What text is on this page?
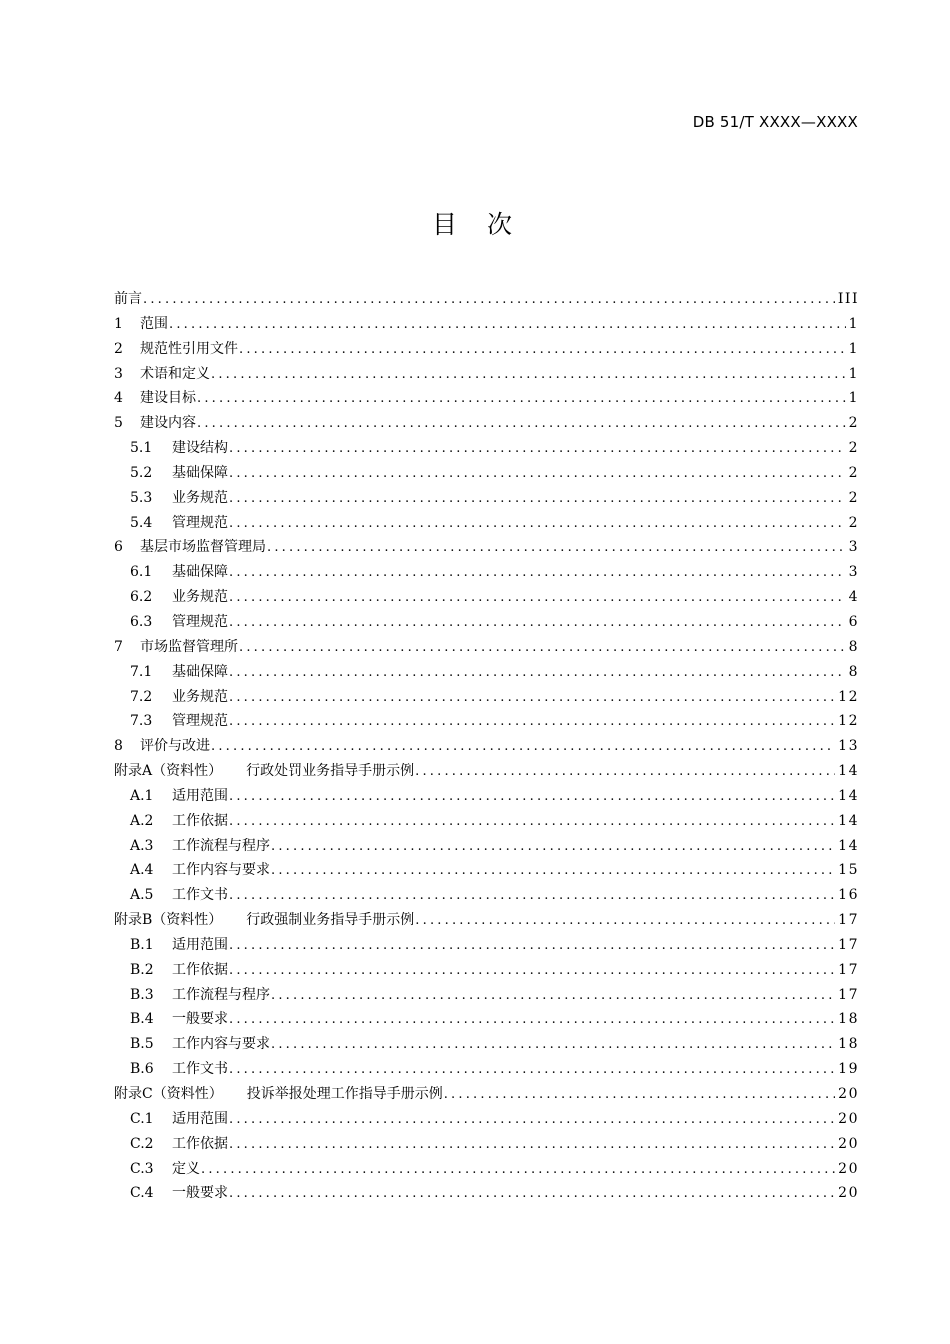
DB 51/T XXXX—XXXX
目次
前言 .....	III
1	范围 .....	1
2	规范性引用文件 .....	1
3	术语和定义 .....	1
4	建设目标 .....	1
5	建设内容 .....	2
5.1	建设结构 .....	2
5.2	基础保障 .....	2
5.3	业务规范 .....	2
5.4	管理规范 .....	2
6	基层市场监督管理局 .....	3
6.1	基础保障 .....	3
6.2	业务规范 .....	4
6.3	管理规范 .....	6
7	市场监督管理所 .....	8
7.1	基础保障 .....	8
7.2	业务规范 .....	12
7.3	管理规范 .....	12
8	评价与改进 .....	13
附录A（资料性） 行政处罚业务指导手册示例 .....	14
A.1	适用范围 .....	14
A.2	工作依据 .....	14
A.3	工作流程与程序 .....	14
A.4	工作内容与要求 .....	15
A.5	工作文书 .....	16
附录B（资料性） 行政强制业务指导手册示例 .....	17
B.1	适用范围 .....	17
B.2	工作依据 .....	17
B.3	工作流程与程序 .....	17
B.4	一般要求 .....	18
B.5	工作内容与要求 .....	18
B.6	工作文书 .....	19
附录C（资料性） 投诉举报处理工作指导手册示例 .....	20
C.1	适用范围 .....	20
C.2	工作依据 .....	20
C.3	定义 .....	20
C.4	一般要求 .....	20
